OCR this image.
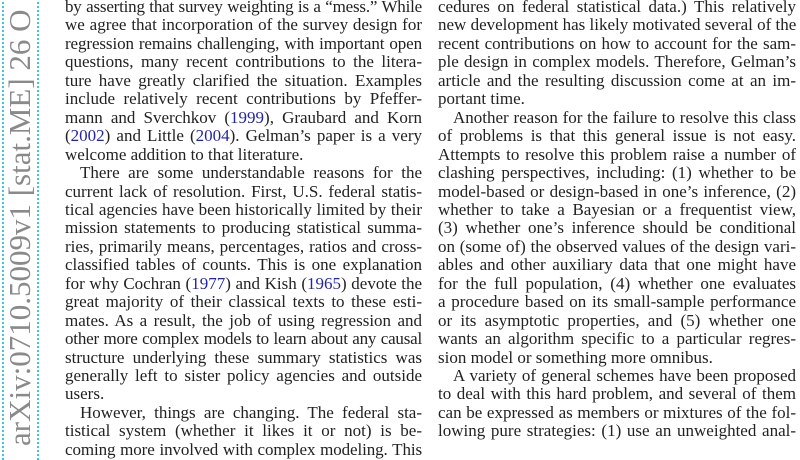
arXiv:0710.5009v1 [stat.ME] 26 O
by asserting that survey weighting is a “mess.” While
we agree that incorporation of the survey design for
regression remains challenging, with important open
questions, many recent contributions to the litera-
ture have greatly clarified the situation. Examples
include relatively recent contributions by Pfeffer-
mann and Sverchkov (1999), Graubard and Korn
(2002) and Little (2004). Gelman’s paper is a very
welcome addition to that literature.
There are some understandable reasons for the
current lack of resolution. First, U.S. federal statis-
tical agencies have been historically limited by their
mission statements to producing statistical summa-
ries, primarily means, percentages, ratios and cross-
classified tables of counts. This is one explanation
for why Cochran (1977) and Kish (1965) devote the
great majority of their classical texts to these esti-
mates. As a result, the job of using regression and
other more complex models to learn about any causal
structure underlying these summary statistics was
generally left to sister policy agencies and outside
users.
However, things are changing. The federal sta-
tistical system (whether it likes it or not) is be-
coming more involved with complex modeling. This
cedures on federal statistical data.) This relatively
new development has likely motivated several of the
recent contributions on how to account for the sam-
ple design in complex models. Therefore, Gelman’s
article and the resulting discussion come at an im-
portant time.
Another reason for the failure to resolve this class
of problems is that this general issue is not easy.
Attempts to resolve this problem raise a number of
clashing perspectives, including: (1) whether to be
model-based or design-based in one’s inference, (2)
whether to take a Bayesian or a frequentist view,
(3) whether one’s inference should be conditional
on (some of) the observed values of the design vari-
ables and other auxiliary data that one might have
for the full population, (4) whether one evaluates
a procedure based on its small-sample performance
or its asymptotic properties, and (5) whether one
wants an algorithm specific to a particular regres-
sion model or something more omnibus.
A variety of general schemes have been proposed
to deal with this hard problem, and several of them
can be expressed as members or mixtures of the fol-
lowing pure strategies: (1) use an unweighted anal-
